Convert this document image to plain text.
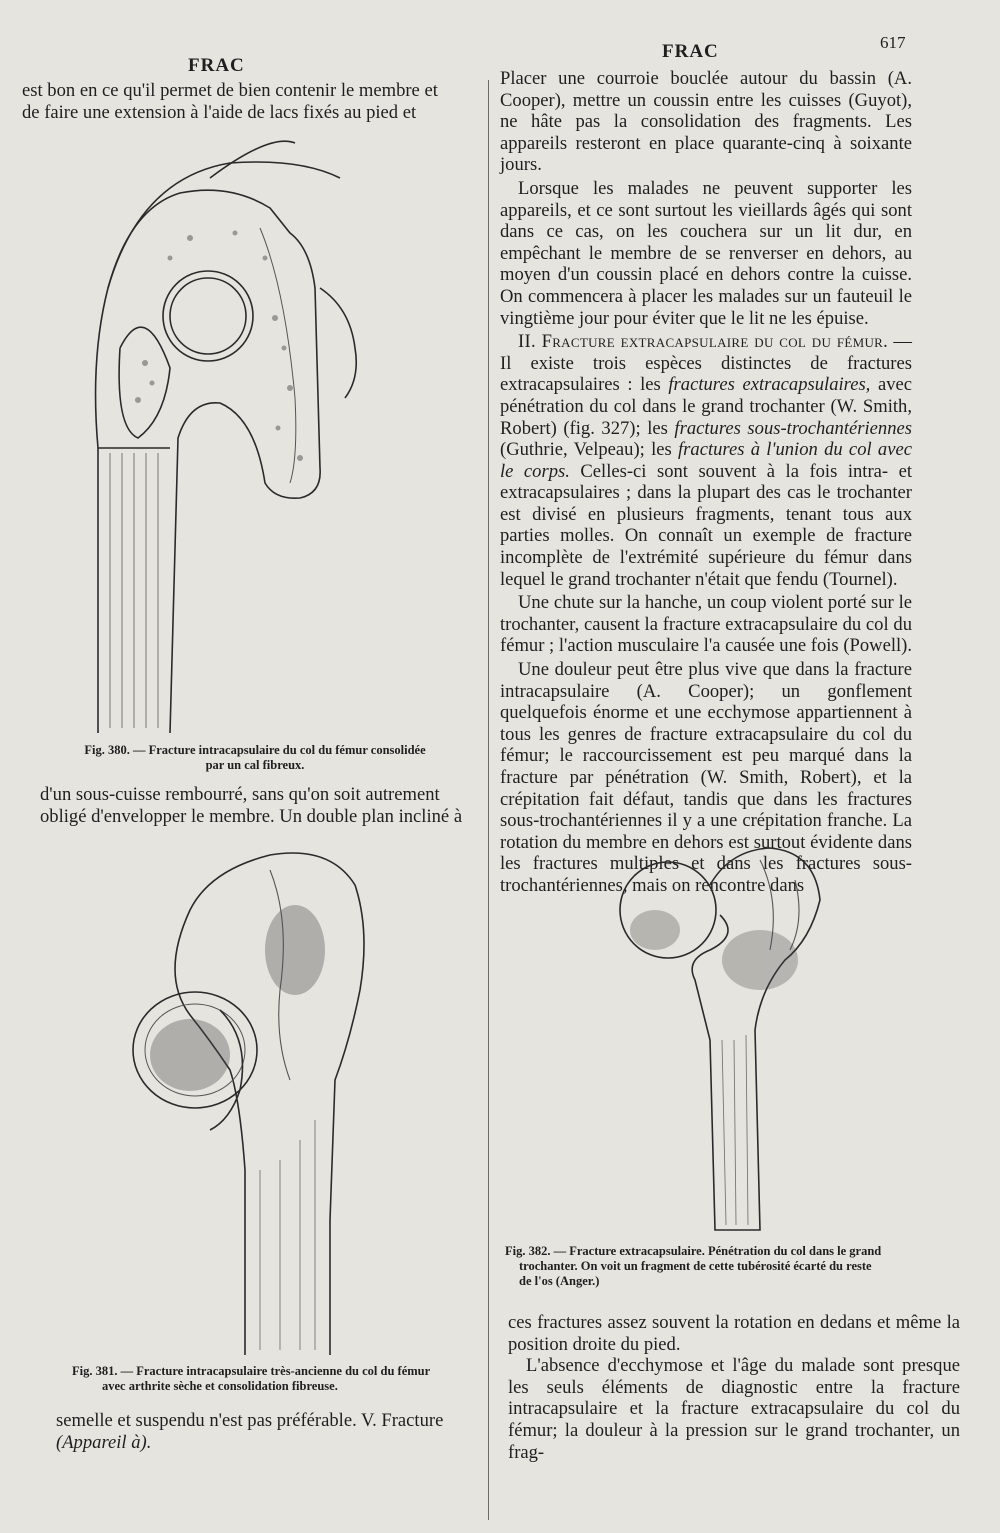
FRAC
FRAC	617

est bon en ce qu'il permet de bien contenir le membre et

de faire une extension à l'aide de lacs fixés au pied et

Fig. 380. — Fracture intracapsulaire du col du fémur consolidée
par un cal fibreux.

d'un sous-cuisse rembourré, sans qu'on soit autrement

obligé d'envelopper le membre. Un double plan incliné à

Fig. 381. — Fracture intracapsulaire très-ancienne du col du fémur
avec arthrite sèche et consolidation fibreuse.

semelle et suspendu n'est pas préférable. V. Fracture

(Appareil à).

Placer une courroie bouclée autour du bassin (A. Cooper), mettre un coussin entre les cuisses (Guyot), ne hâte pas la consolidation des fragments. Les appareils resteront en place quarante-cinq à soixante jours.

Lorsque les malades ne peuvent supporter les appareils, et ce sont surtout les vieillards âgés qui sont dans ce cas, on les couchera sur un lit dur, en empêchant le membre de se renverser en dehors, au moyen d'un coussin placé en dehors contre la cuisse. On commencera à placer les malades sur un fauteuil le vingtième jour pour éviter que le lit ne les épuise.

II. Fracture extracapsulaire du col du fémur. — Il existe trois espèces distinctes de fractures extracapsulaires : les fractures extracapsulaires, avec pénétration du col dans le grand trochanter (W. Smith, Robert) (fig. 327); les fractures sous-trochantériennes (Guthrie, Velpeau); les fractures à l'union du col avec le corps. Celles-ci sont souvent à la fois intra- et extracapsulaires ; dans la plupart des cas le trochanter est divisé en plusieurs fragments, tenant tous aux parties molles. On connaît un exemple de fracture incomplète de l'extrémité supérieure du fémur dans lequel le grand trochanter n'était que fendu (Tournel).

Une chute sur la hanche, un coup violent porté sur le trochanter, causent la fracture extracapsulaire du col du fémur ; l'action musculaire l'a causée une fois (Powell).

Une douleur peut être plus vive que dans la fracture intracapsulaire (A. Cooper); un gonflement quelquefois énorme et une ecchymose appartiennent à tous les genres de fracture extracapsulaire du col du fémur; le raccourcissement est peu marqué dans la fracture par pénétration (W. Smith, Robert), et la crépitation fait défaut, tandis que dans les fractures sous-trochantériennes il y a une crépitation franche. La rotation du membre en dehors est surtout évidente dans les fractures multiples et dans les fractures sous-trochantériennes, mais on rencontre dans

Fig. 382. — Fracture extracapsulaire. Pénétration du col dans le grand
trochanter. On voit un fragment de cette tubérosité écarté du reste
de l'os (Anger.)

ces fractures assez souvent la rotation en dedans et même la position droite du pied.

L'absence d'ecchymose et l'âge du malade sont presque les seuls éléments de diagnostic entre la fracture intracapsulaire et la fracture extracapsulaire du col du fémur; la douleur à la pression sur le grand trochanter, un frag-
